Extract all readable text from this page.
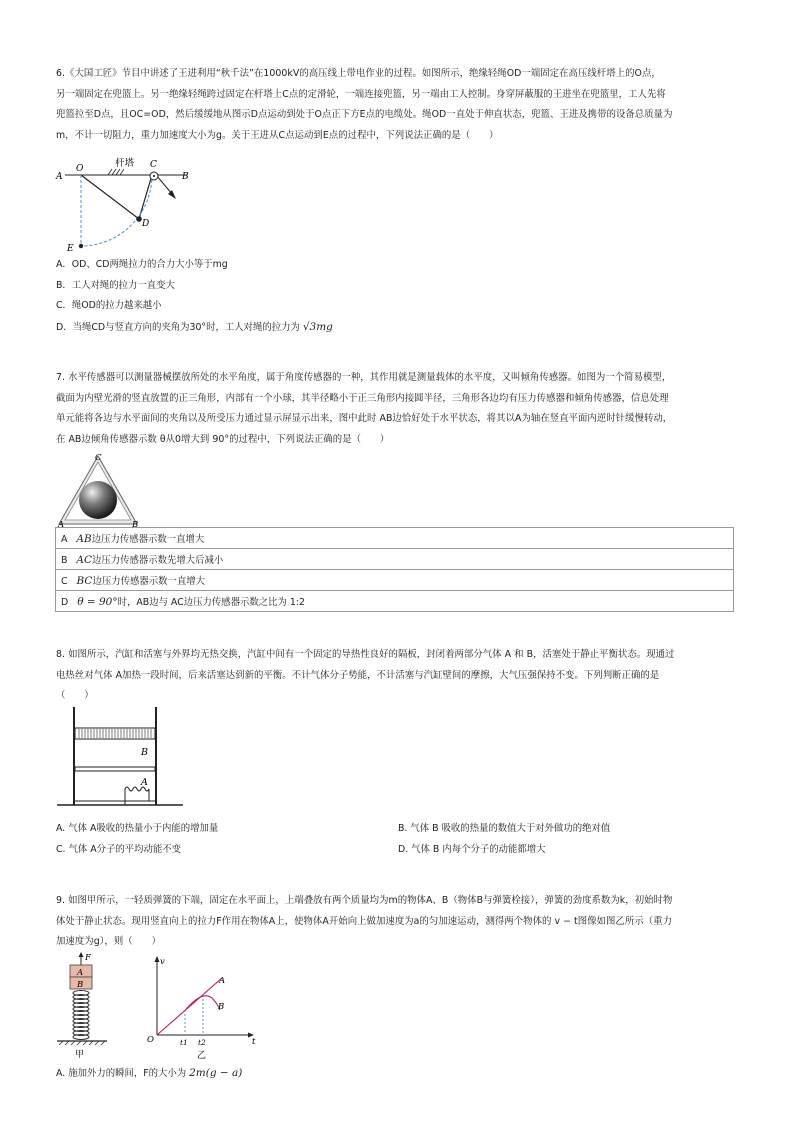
6.《大国工匠》节目中讲述了王进利用“秋千法”在1000kV的高压线上带电作业的过程。如图所示，绝缘轻绳OD一端固定在高压线杆塔上的O点，

另一端固定在兜篮上。另一绝缘轻绳跨过固定在杆塔上C点的定滑轮，一端连接兜篮，另一端由工人控制。身穿屏蔽服的王进坐在兜篮里，工人先将

兜篮拉至D点，且OC=OD，然后缓缓地从图示D点运动到处于O点正下方E点的电缆处。绳OD一直处于伸直状态，兜篮、王进及携带的设备总质量为

m，不计一切阻力，重力加速度大小为g。关于王进从C点运动到E点的过程中，下列说法正确的是（　　）

杆塔
A
O	C
B
D
E
A．OD、CD两绳拉力的合力大小等于mg
B．工人对绳的拉力一直变大
C．绳OD的拉力越来越小
D．当绳CD与竖直方向的夹角为30°时，工人对绳的拉力为 √3mg

7. 水平传感器可以测量器械摆放所处的水平角度，属于角度传感器的一种，其作用就是测量载体的水平度，又叫倾角传感器。如图为一个简易模型，

截面为内壁光滑的竖直放置的正三角形，内部有一个小球，其半径略小于正三角形内接圆半径，三角形各边均有压力传感器和倾角传感器，信息处理

单元能将各边与水平面间的夹角以及所受压力通过显示屏显示出来，图中此时 AB边恰好处于水平状态，将其以A为轴在竖直平面内逆时针缓慢转动，

在 AB边倾角传感器示数 θ从0增大到 90°的过程中，下列说法正确的是（　　）

C
A	B
A AB边压力传感器示数一直增大
B AC边压力传感器示数先增大后减小
C BC边压力传感器示数一直增大
D θ = 90°时，AB边与 AC边压力传感器示数之比为 1:2

8. 如图所示，汽缸和活塞与外界均无热交换，汽缸中间有一个固定的导热性良好的隔板，封闭着两部分气体 A 和 B，活塞处于静止平衡状态。现通过

电热丝对气体 A加热一段时间，后来活塞达到新的平衡。不计气体分子势能，不计活塞与汽缸壁间的摩擦，大气压强保持不变。下列判断正确的是

（　　）

B
A
A. 气体 A吸收的热量小于内能的增加量	B. 气体 B 吸收的热量的数值大于对外做功的绝对值
C. 气体 A分子的平均动能不变	D. 气体 B 内每个分子的动能都增大

9. 如图甲所示，一轻质弹簧的下端，固定在水平面上，上端叠放有两个质量均为m的物体A、B（物体B与弹簧栓接），弹簧的劲度系数为k，初始时物

体处于静止状态。现用竖直向上的拉力F作用在物体A上，使物体A开始向上做加速度为a的匀加速运动，测得两个物体的 v − t图像如图乙所示（重力

加速度为g），则（　　）

F
A
B
甲
v
t
O
A
B
t1 t2
乙
A. 施加外力的瞬间，F的大小为 2m(g − a)
